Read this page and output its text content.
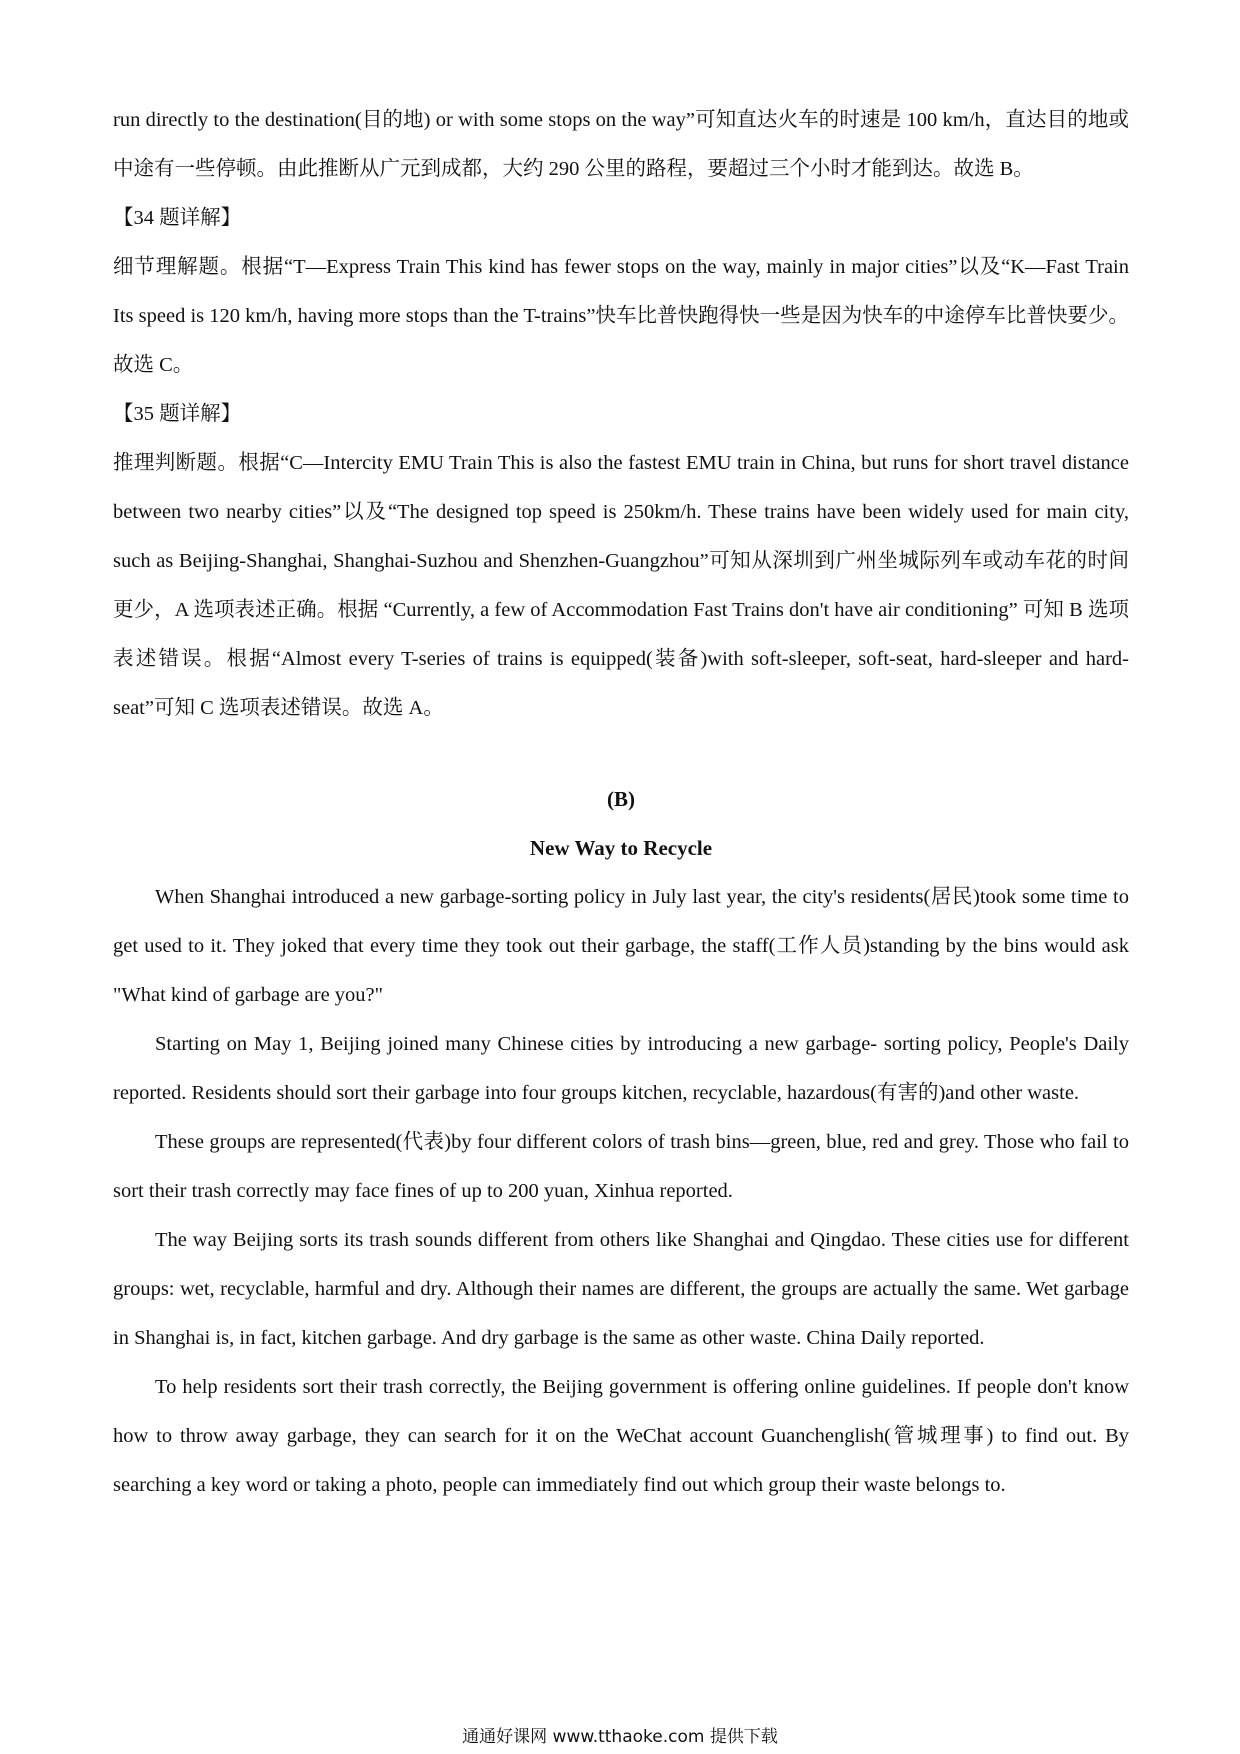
run directly to the destination(目的地) or with some stops on the way”可知直达火车的时速是 100 km/h，直达目的地或中途有一些停顿。由此推断从广元到成都，大约 290 公里的路程，要超过三个小时才能到达。故选 B。

【34 题详解】

细节理解题。根据“T—Express Train This kind has fewer stops on the way, mainly in major cities”以及“K—Fast Train Its speed is 120 km/h, having more stops than the T-trains”快车比普快跑得快一些是因为快车的中途停车比普快要少。故选 C。

【35 题详解】

推理判断题。根据“C—Intercity EMU Train This is also the fastest EMU train in China, but runs for short travel distance between two nearby cities”以及“The designed top speed is 250km/h. These trains have been widely used for main city, such as Beijing-Shanghai, Shanghai-Suzhou and Shenzhen-Guangzhou”可知从深圳到广州坐城际列车或动车花的时间更少，A 选项表述正确。根据 “Currently, a few of Accommodation Fast Trains don't have air conditioning” 可知 B 选项表述错误。根据“Almost every T-series of trains is equipped(装备)with soft-sleeper, soft-seat, hard-sleeper and hard-seat”可知 C 选项表述错误。故选 A。

(B)

New Way to Recycle

When Shanghai introduced a new garbage-sorting policy in July last year, the city's residents(居民)took some time to get used to it. They joked that every time they took out their garbage, the staff(工作人员)standing by the bins would ask "What kind of garbage are you?"

Starting on May 1, Beijing joined many Chinese cities by introducing a new garbage- sorting policy, People's Daily reported. Residents should sort their garbage into four groups kitchen, recyclable, hazardous(有害的)and other waste.

These groups are represented(代表)by four different colors of trash bins—green, blue, red and grey. Those who fail to sort their trash correctly may face fines of up to 200 yuan, Xinhua reported.

The way Beijing sorts its trash sounds different from others like Shanghai and Qingdao. These cities use for different groups: wet, recyclable, harmful and dry. Although their names are different, the groups are actually the same. Wet garbage in Shanghai is, in fact, kitchen garbage. And dry garbage is the same as other waste. China Daily reported.

To help residents sort their trash correctly, the Beijing government is offering online guidelines. If people don't know how to throw away garbage, they can search for it on the WeChat account Guanchenglish(管城理事) to find out. By searching a key word or taking a photo, people can immediately find out which group their waste belongs to.

通通好课网 www.tthaoke.com 提供下载
